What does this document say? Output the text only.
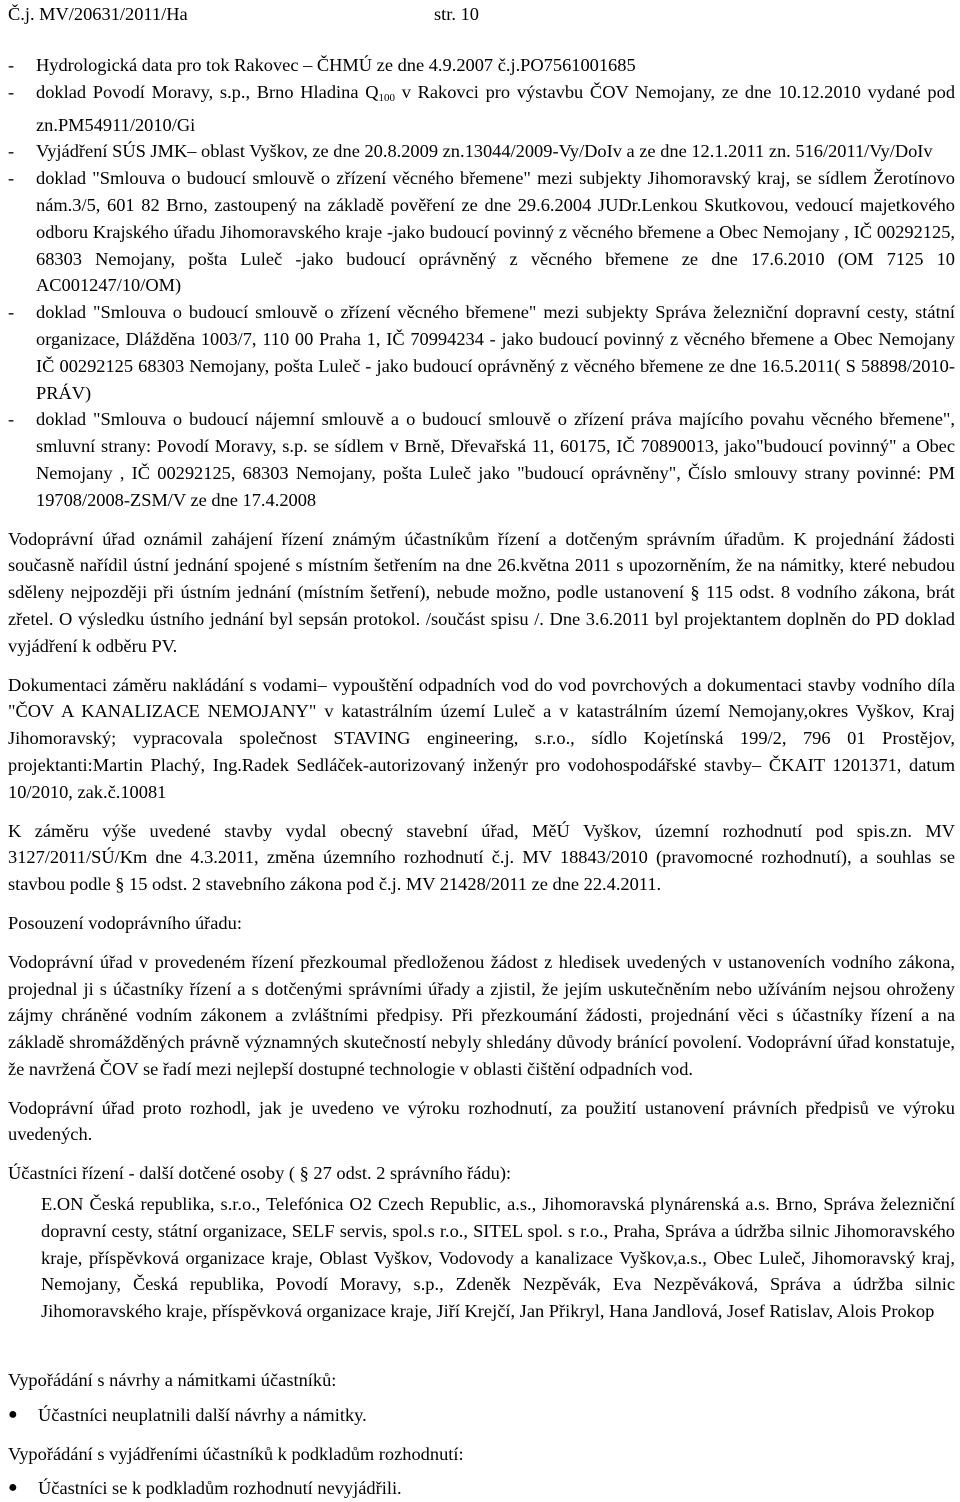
Č.j. MV/20631/2011/Ha	str. 10
-	Hydrologická data pro tok Rakovec – ČHMÚ ze dne 4.9.2007 č.j.PO7561001685
-	doklad Povodí Moravy, s.p., Brno Hladina $Q_{100}$ v Rakovci pro výstavbu ČOV Nemojany, ze dne 10.12.2010 vydané pod zn.PM54911/2010/Gi
-	Vyjádření SÚS JMK– oblast Vyškov, ze dne 20.8.2009 zn.13044/2009-Vy/DoIv a ze dne 12.1.2011 zn. 516/2011/Vy/DoIv
-	doklad "Smlouva o budoucí smlouvě o zřízení věcného břemene" mezi subjekty Jihomoravský kraj, se sídlem Žerotínovo nám.3/5, 601 82 Brno, zastoupený na základě pověření ze dne 29.6.2004 JUDr.Lenkou Skutkovou, vedoucí majetkového odboru Krajského úřadu Jihomoravského kraje -jako budoucí povinný z věcného břemene a Obec Nemojany , IČ 00292125, 68303 Nemojany, pošta Luleč -jako budoucí oprávněný z věcného břemene ze dne 17.6.2010 (OM 7125 10 AC001247/10/OM)
-	doklad "Smlouva o budoucí smlouvě o zřízení věcného břemene" mezi subjekty Správa železniční dopravní cesty, státní organizace, Dlážděna 1003/7, 110 00 Praha 1, IČ 70994234 - jako budoucí povinný z věcného břemene a Obec Nemojany IČ 00292125 68303 Nemojany, pošta Luleč - jako budoucí oprávněný z věcného břemene ze dne 16.5.2011( S 58898/2010- PRÁV)
-	doklad "Smlouva o budoucí nájemní smlouvě a o budoucí smlouvě o zřízení práva majícího povahu věcného břemene", smluvní strany: Povodí Moravy, s.p. se sídlem v Brně, Dřevařská 11, 60175, IČ 70890013, jako"budoucí povinný" a Obec Nemojany , IČ 00292125, 68303 Nemojany, pošta Luleč jako "budoucí oprávněny", Číslo smlouvy strany povinné: PM 19708/2008-ZSM/V ze dne 17.4.2008
Vodoprávní úřad oznámil zahájení řízení známým účastníkům řízení a dotčeným správním úřadům. K projednání žádosti současně nařídil ústní jednání spojené s místním šetřením na dne 26.května 2011 s upozorněním, že na námitky, které nebudou sděleny nejpozději při ústním jednání (místním šetření), nebude možno, podle ustanovení § 115 odst. 8 vodního zákona, brát zřetel. O výsledku ústního jednání byl sepsán protokol. /součást spisu /. Dne 3.6.2011 byl projektantem doplněn do PD doklad vyjádření k odběru PV.
Dokumentaci záměru nakládání s vodami– vypouštění odpadních vod do vod povrchových a dokumentaci stavby vodního díla "ČOV A KANALIZACE NEMOJANY" v katastrálním území Luleč a v katastrálním území Nemojany,okres Vyškov, Kraj Jihomoravský; vypracovala společnost STAVING engineering, s.r.o., sídlo Kojetínská 199/2, 796 01 Prostějov, projektanti:Martin Plachý, Ing.Radek Sedláček-autorizovaný inženýr pro vodohospodářské stavby– ČKAIT 1201371, datum 10/2010, zak.č.10081
K záměru výše uvedené stavby vydal obecný stavební úřad, MěÚ Vyškov, územní rozhodnutí pod spis.zn. MV 3127/2011/SÚ/Km dne 4.3.2011, změna územního rozhodnutí č.j. MV 18843/2010 (pravomocné rozhodnutí), a souhlas se stavbou podle § 15 odst. 2 stavebního zákona pod č.j. MV 21428/2011 ze dne 22.4.2011.
Posouzení vodoprávního úřadu:
Vodoprávní úřad v provedeném řízení přezkoumal předloženou žádost z hledisek uvedených v ustanoveních vodního zákona, projednal ji s účastníky řízení a s dotčenými správními úřady a zjistil, že jejím uskutečněním nebo užíváním nejsou ohroženy zájmy chráněné vodním zákonem a zvláštními předpisy. Při přezkoumání žádosti, projednání věci s účastníky řízení a na základě shromážděných právně významných skutečností nebyly shledány důvody bránící povolení. Vodoprávní úřad konstatuje, že navržená ČOV se řadí mezi nejlepší dostupné technologie v oblasti čištění odpadních vod.
Vodoprávní úřad proto rozhodl, jak je uvedeno ve výroku rozhodnutí, za použití ustanovení právních předpisů ve výroku uvedených.
Účastníci řízení - další dotčené osoby ( § 27 odst. 2 správního řádu):
E.ON Česká republika, s.r.o., Telefónica O2 Czech Republic, a.s., Jihomoravská plynárenská a.s. Brno, Správa železniční dopravní cesty, státní organizace, SELF servis, spol.s r.o., SITEL spol. s r.o., Praha, Správa a údržba silnic Jihomoravského kraje, příspěvková organizace kraje, Oblast Vyškov, Vodovody a kanalizace Vyškov,a.s., Obec Luleč, Jihomoravský kraj, Nemojany, Česká republika, Povodí Moravy, s.p., Zdeněk Nezpěvák, Eva Nezpěváková, Správa a údržba silnic Jihomoravského kraje, příspěvková organizace kraje, Jiří Krejčí, Jan Přikryl, Hana Jandlová, Josef Ratislav, Alois Prokop
Vypořádání s návrhy a námitkami účastníků:
●	Účastníci neuplatnili další návrhy a námitky.
Vypořádání s vyjádřeními účastníků k podkladům rozhodnutí:
●	Účastníci se k podkladům rozhodnutí nevyjádřili.
